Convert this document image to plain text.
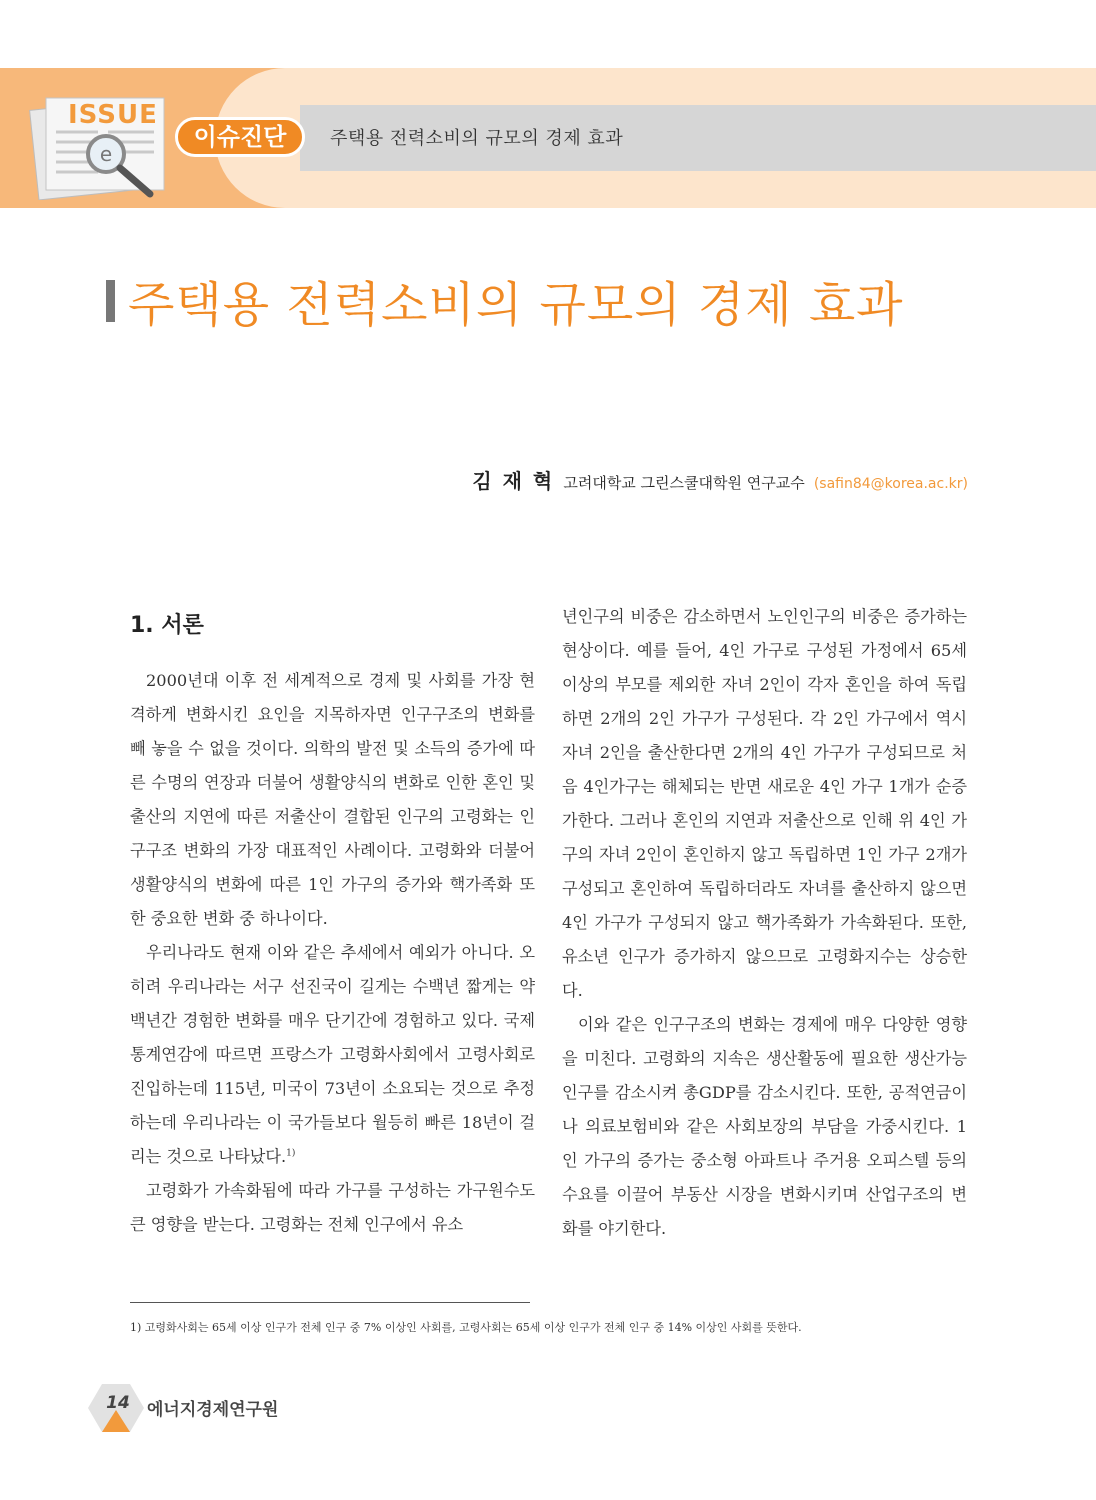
e
ISSUE
이슈진단	주택용 전력소비의 규모의 경제 효과
주택용 전력소비의 규모의 경제 효과
김 재 혁 고려대학교 그린스쿨대학원 연구교수 (safin84@korea.ac.kr)
1. 서론

2000년대 이후 전 세계적으로 경제 및 사회를 가장 현격하게 변화시킨 요인을 지목하자면 인구구조의 변화를 빼 놓을 수 없을 것이다. 의학의 발전 및 소득의 증가에 따른 수명의 연장과 더불어 생활양식의 변화로 인한 혼인 및 출산의 지연에 따른 저출산이 결합된 인구의 고령화는 인구구조 변화의 가장 대표적인 사례이다. 고령화와 더불어 생활양식의 변화에 따른 1인 가구의 증가와 핵가족화 또한 중요한 변화 중 하나이다.

우리나라도 현재 이와 같은 추세에서 예외가 아니다. 오히려 우리나라는 서구 선진국이 길게는 수백년 짧게는 약 백년간 경험한 변화를 매우 단기간에 경험하고 있다. 국제통계연감에 따르면 프랑스가 고령화사회에서 고령사회로 진입하는데 115년, 미국이 73년이 소요되는 것으로 추정하는데 우리나라는 이 국가들보다 월등히 빠른 18년이 걸리는 것으로 나타났다.$^{1)}$

고령화가 가속화됨에 따라 가구를 구성하는 가구원수도 큰 영향을 받는다. 고령화는 전체 인구에서 유소

년인구의 비중은 감소하면서 노인인구의 비중은 증가하는 현상이다. 예를 들어, 4인 가구로 구성된 가정에서 65세 이상의 부모를 제외한 자녀 2인이 각자 혼인을 하여 독립하면 2개의 2인 가구가 구성된다. 각 2인 가구에서 역시 자녀 2인을 출산한다면 2개의 4인 가구가 구성되므로 처음 4인가구는 해체되는 반면 새로운 4인 가구 1개가 순증가한다. 그러나 혼인의 지연과 저출산으로 인해 위 4인 가구의 자녀 2인이 혼인하지 않고 독립하면 1인 가구 2개가 구성되고 혼인하여 독립하더라도 자녀를 출산하지 않으면 4인 가구가 구성되지 않고 핵가족화가 가속화된다. 또한, 유소년 인구가 증가하지 않으므로 고령화지수는 상승한다.

이와 같은 인구구조의 변화는 경제에 매우 다양한 영향을 미친다. 고령화의 지속은 생산활동에 필요한 생산가능인구를 감소시켜 총GDP를 감소시킨다. 또한, 공적연금이나 의료보험비와 같은 사회보장의 부담을 가중시킨다. 1인 가구의 증가는 중소형 아파트나 주거용 오피스텔 등의 수요를 이끌어 부동산 시장을 변화시키며 산업구조의 변화를 야기한다.

1) 고령화사회는 65세 이상 인구가 전체 인구 중 7% 이상인 사회를, 고령사회는 65세 이상 인구가 전체 인구 중 14% 이상인 사회를 뜻한다.
14	에너지경제연구원
